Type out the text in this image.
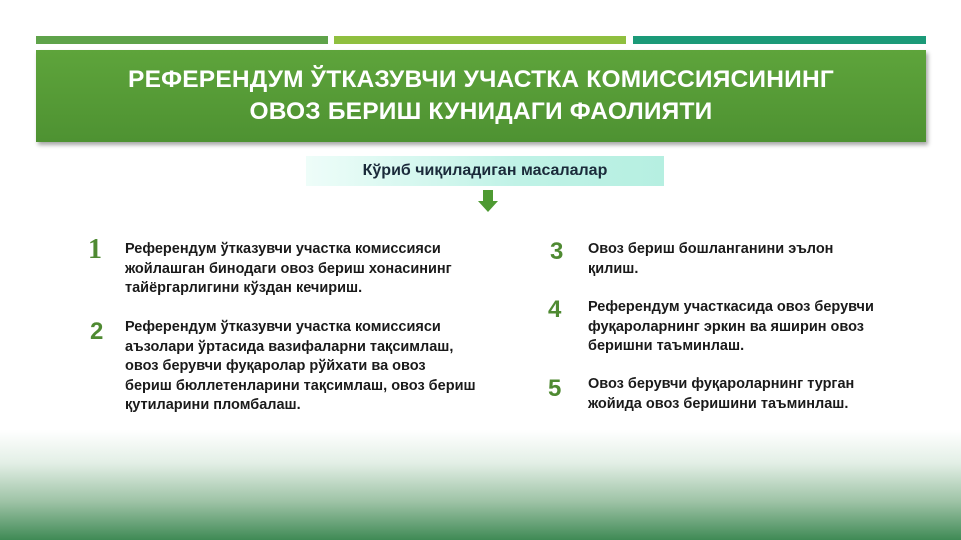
РЕФЕРЕНДУМ ЎТКАЗУВЧИ УЧАСТКА КОМИССИЯСИНИНГ
ОВОЗ БЕРИШ КУНИДАГИ ФАОЛИЯТИ
Кўриб чиқиладиган масалалар
1 Референдум ўтказувчи участка комиссияси
жойлашган бинодаги овоз бериш хонасининг
тайёргарлигини кўздан кечириш.
2 Референдум ўтказувчи участка комиссияси
аъзолари ўртасида вазифаларни тақсимлаш,
овоз берувчи фуқаролар рўйхати ва овоз
бериш бюллетенларини тақсимлаш, овоз бериш
қутиларини пломбалаш.
3 Овоз бериш бошланганини эълон
қилиш.
4 Референдум участкасида овоз берувчи
фуқароларнинг эркин ва яширин овоз
беришни таъминлаш.
5 Овоз берувчи фуқароларнинг турган
жойида овоз беришини таъминлаш.
